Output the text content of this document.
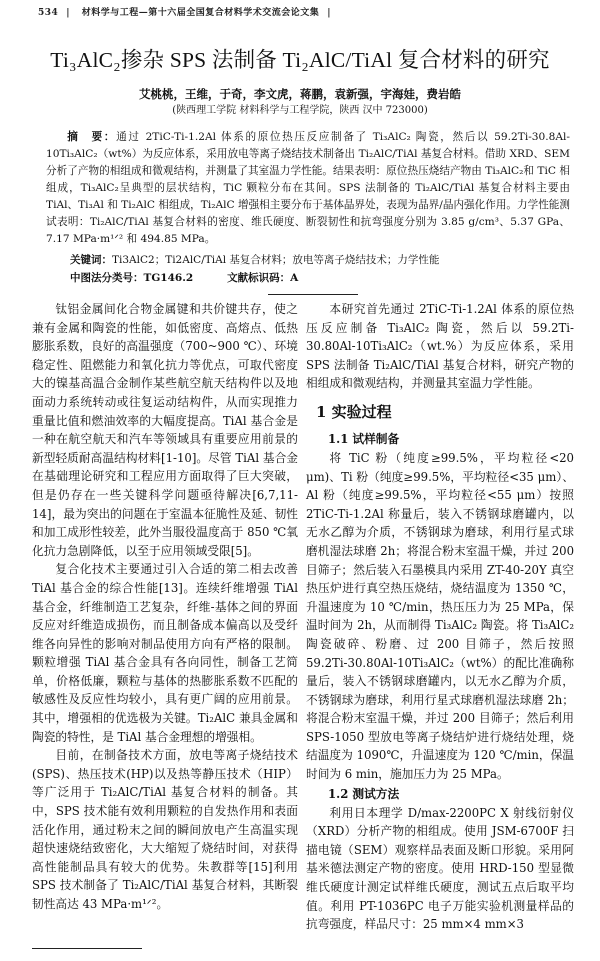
534 | 材料学与工程—第十六届全国复合材料学术交流会论文集 |
Ti₃AlC₂掺杂 SPS 法制备 Ti₂AlC/TiAl 复合材料的研究
艾桃桃，王维，于奇，李文虎，蒋鹏，袁新强，宇海娃，费岩皓
(陕西理工学院 材料科学与工程学院，陕西 汉中 723000)
摘　要：通过 2TiC-Ti-1.2Al 体系的原位热压反应制备了 Ti₃AlC₂ 陶瓷，然后以 59.2Ti-30.8Al-10Ti₃AlC₂（wt%）为反应体系，采用放电等离子烧结技术制备出 Ti₂AlC/TiAl 基复合材料。借助 XRD、SEM 分析了产物的相组成和微观结构，并测量了其室温力学性能。结果表明：原位热压烧结产物由 Ti₃AlC₂和 TiC 相组成，Ti₃AlC₂呈典型的层状结构，TiC 颗粒分布在其间。SPS 法制备的 Ti₂AlC/TiAl 基复合材料主要由 TiAl、Ti₃Al 和 Ti₂AlC 相组成，Ti₂AlC 增强相主要分布于基体晶界处，表现为晶界/晶内强化作用。力学性能测试表明：Ti₂AlC/TiAl 基复合材料的密度、维氏硬度、断裂韧性和抗弯强度分别为 3.85 g/cm³、5.37 GPa、7.17 MPa·m¹ᐟ² 和 494.85 MPa。
关键词：Ti3AlC2；Ti2AlC/TiAl 基复合材料；放电等离子烧结技术；力学性能
中图法分类号：TG146.2	文献标识码：A

钛铝金属间化合物金属键和共价键共存，使之兼有金属和陶瓷的性能，如低密度、高熔点、低热膨胀系数，良好的高温强度（700~900 ℃）、环境稳定性、阻燃能力和氧化抗力等优点，可取代密度大的镍基高温合金制作某些航空航天结构件以及地面动力系统转动或往复运动结构件，从而实现推力重量比值和燃油效率的大幅度提高。TiAl 基合金是一种在航空航天和汽车等领域具有重要应用前景的新型轻质耐高温结构材料[1-10]。尽管 TiAl 基合金在基础理论研究和工程应用方面取得了巨大突破，但是仍存在一些关键科学问题亟待解决[6,7,11-14]，最为突出的问题在于室温本征脆性及延、韧性和加工成形性较差，此外当服役温度高于 850 ℃氧化抗力急剧降低，以至于应用领域受限[5]。

复合化技术主要通过引入合适的第二相去改善 TiAl 基合金的综合性能[13]。连续纤维增强 TiAl 基合金，纤维制造工艺复杂，纤维-基体之间的界面反应对纤维造成损伤，而且制备成本偏高以及受纤维各向异性的影响对制品使用方向有严格的限制。颗粒增强 TiAl 基合金具有各向同性，制备工艺简单，价格低廉，颗粒与基体的热膨胀系数不匹配的敏感性及反应性均较小，具有更广阔的应用前景。其中，增强相的优选极为关键。Ti₂AlC 兼具金属和陶瓷的特性，是 TiAl 基合金理想的增强相。

目前，在制备技术方面，放电等离子烧结技术(SPS)、热压技术(HP)以及热等静压技术（HIP）等广泛用于 Ti₂AlC/TiAl 基复合材料的制备。其中，SPS 技术能有效利用颗粒的自发热作用和表面活化作用，通过粉末之间的瞬间放电产生高温实现超快速烧结致密化，大大缩短了烧结时间，对获得高性能制品具有较大的优势。朱教群等[15]利用 SPS 技术制备了 Ti₂AlC/TiAl 基复合材料，其断裂韧性高达 43 MPa·m¹ᐟ²。

本研究首先通过 2TiC-Ti-1.2Al 体系的原位热压反应制备 Ti₃AlC₂ 陶瓷，然后以 59.2Ti-30.80Al-10Ti₃AlC₂（wt.%）为反应体系，采用 SPS 法制备 Ti₂AlC/TiAl 基复合材料，研究产物的相组成和微观结构，并测量其室温力学性能。

1 实验过程
1.1 试样制备

将 TiC 粉（纯度≥99.5%，平均粒径<20 μm)、Ti 粉（纯度≥99.5%，平均粒径<35 μm）、Al 粉（纯度≥99.5%，平均粒径<55 μm）按照 2TiC-Ti-1.2Al 称量后，装入不锈钢球磨罐内，以无水乙醇为介质，不锈钢球为磨球，利用行星式球磨机湿法球磨 2h；将混合粉末室温干燥，并过 200 目筛子；然后装入石墨模具内采用 ZT-40-20Y 真空热压炉进行真空热压烧结，烧结温度为 1350 ℃，升温速度为 10 ℃/min，热压压力为 25 MPa，保温时间为 2h，从而制得 Ti₃AlC₂ 陶瓷。将 Ti₃AlC₂ 陶瓷破碎、粉磨、过 200 目筛子，然后按照 59.2Ti-30.80Al-10Ti₃AlC₂（wt%）的配比准确称量后，装入不锈钢球磨罐内，以无水乙醇为介质，不锈钢球为磨球，利用行星式球磨机湿法球磨 2h；将混合粉末室温干燥，并过 200 目筛子；然后利用 SPS-1050 型放电等离子烧结炉进行烧结处理，烧结温度为 1090℃，升温速度为 120 ℃/min，保温时间为 6 min，施加压力为 25 MPa。

1.2 测试方法

利用日本理学 D/max-2200PC X 射线衍射仪（XRD）分析产物的相组成。使用 JSM-6700F 扫描电镜（SEM）观察样品表面及断口形貌。采用阿基米德法测定产物的密度。使用 HRD-150 型显微维氏硬度计测定试样维氏硬度，测试五点后取平均值。利用 PT-1036PC 电子万能实验机测量样品的抗弯强度，样品尺寸：25 mm×4 mm×3
